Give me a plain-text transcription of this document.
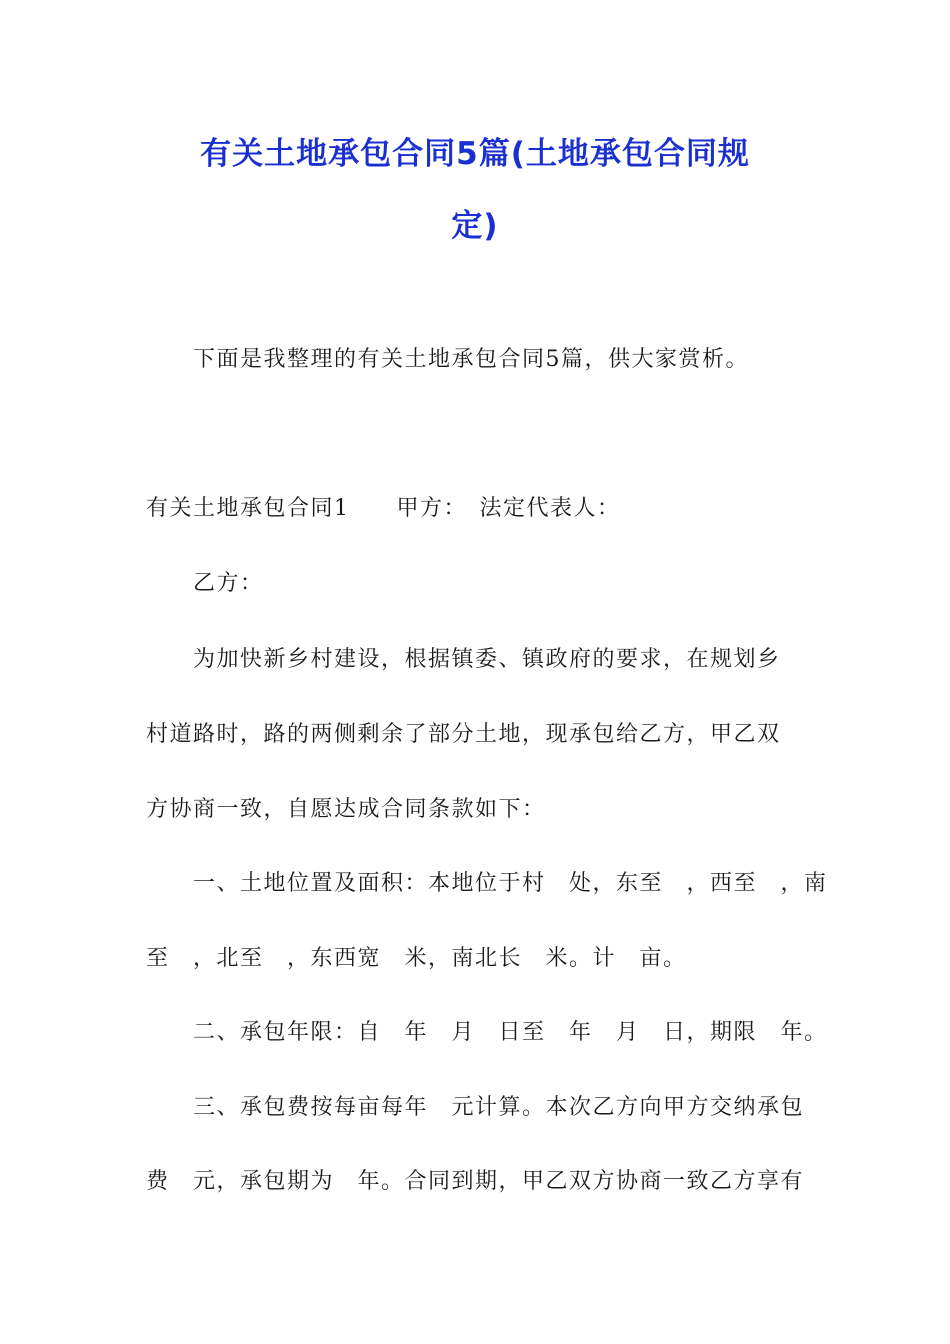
有关土地承包合同5篇(土地承包合同规
定)
下面是我整理的有关土地承包合同5篇，供大家赏析。
有关土地承包合同1　　甲方：　法定代表人：
乙方：
为加快新乡村建设，根据镇委、镇政府的要求，在规划乡
村道路时，路的两侧剩余了部分土地，现承包给乙方，甲乙双
方协商一致，自愿达成合同条款如下：
一、土地位置及面积：本地位于村　处，东至　，西至　，南
至　，北至　，东西宽　米，南北长　米。计　亩。
二、承包年限：自　年　月　日至　年　月　日，期限　年。
三、承包费按每亩每年　元计算。本次乙方向甲方交纳承包
费　元，承包期为　年。合同到期，甲乙双方协商一致乙方享有
